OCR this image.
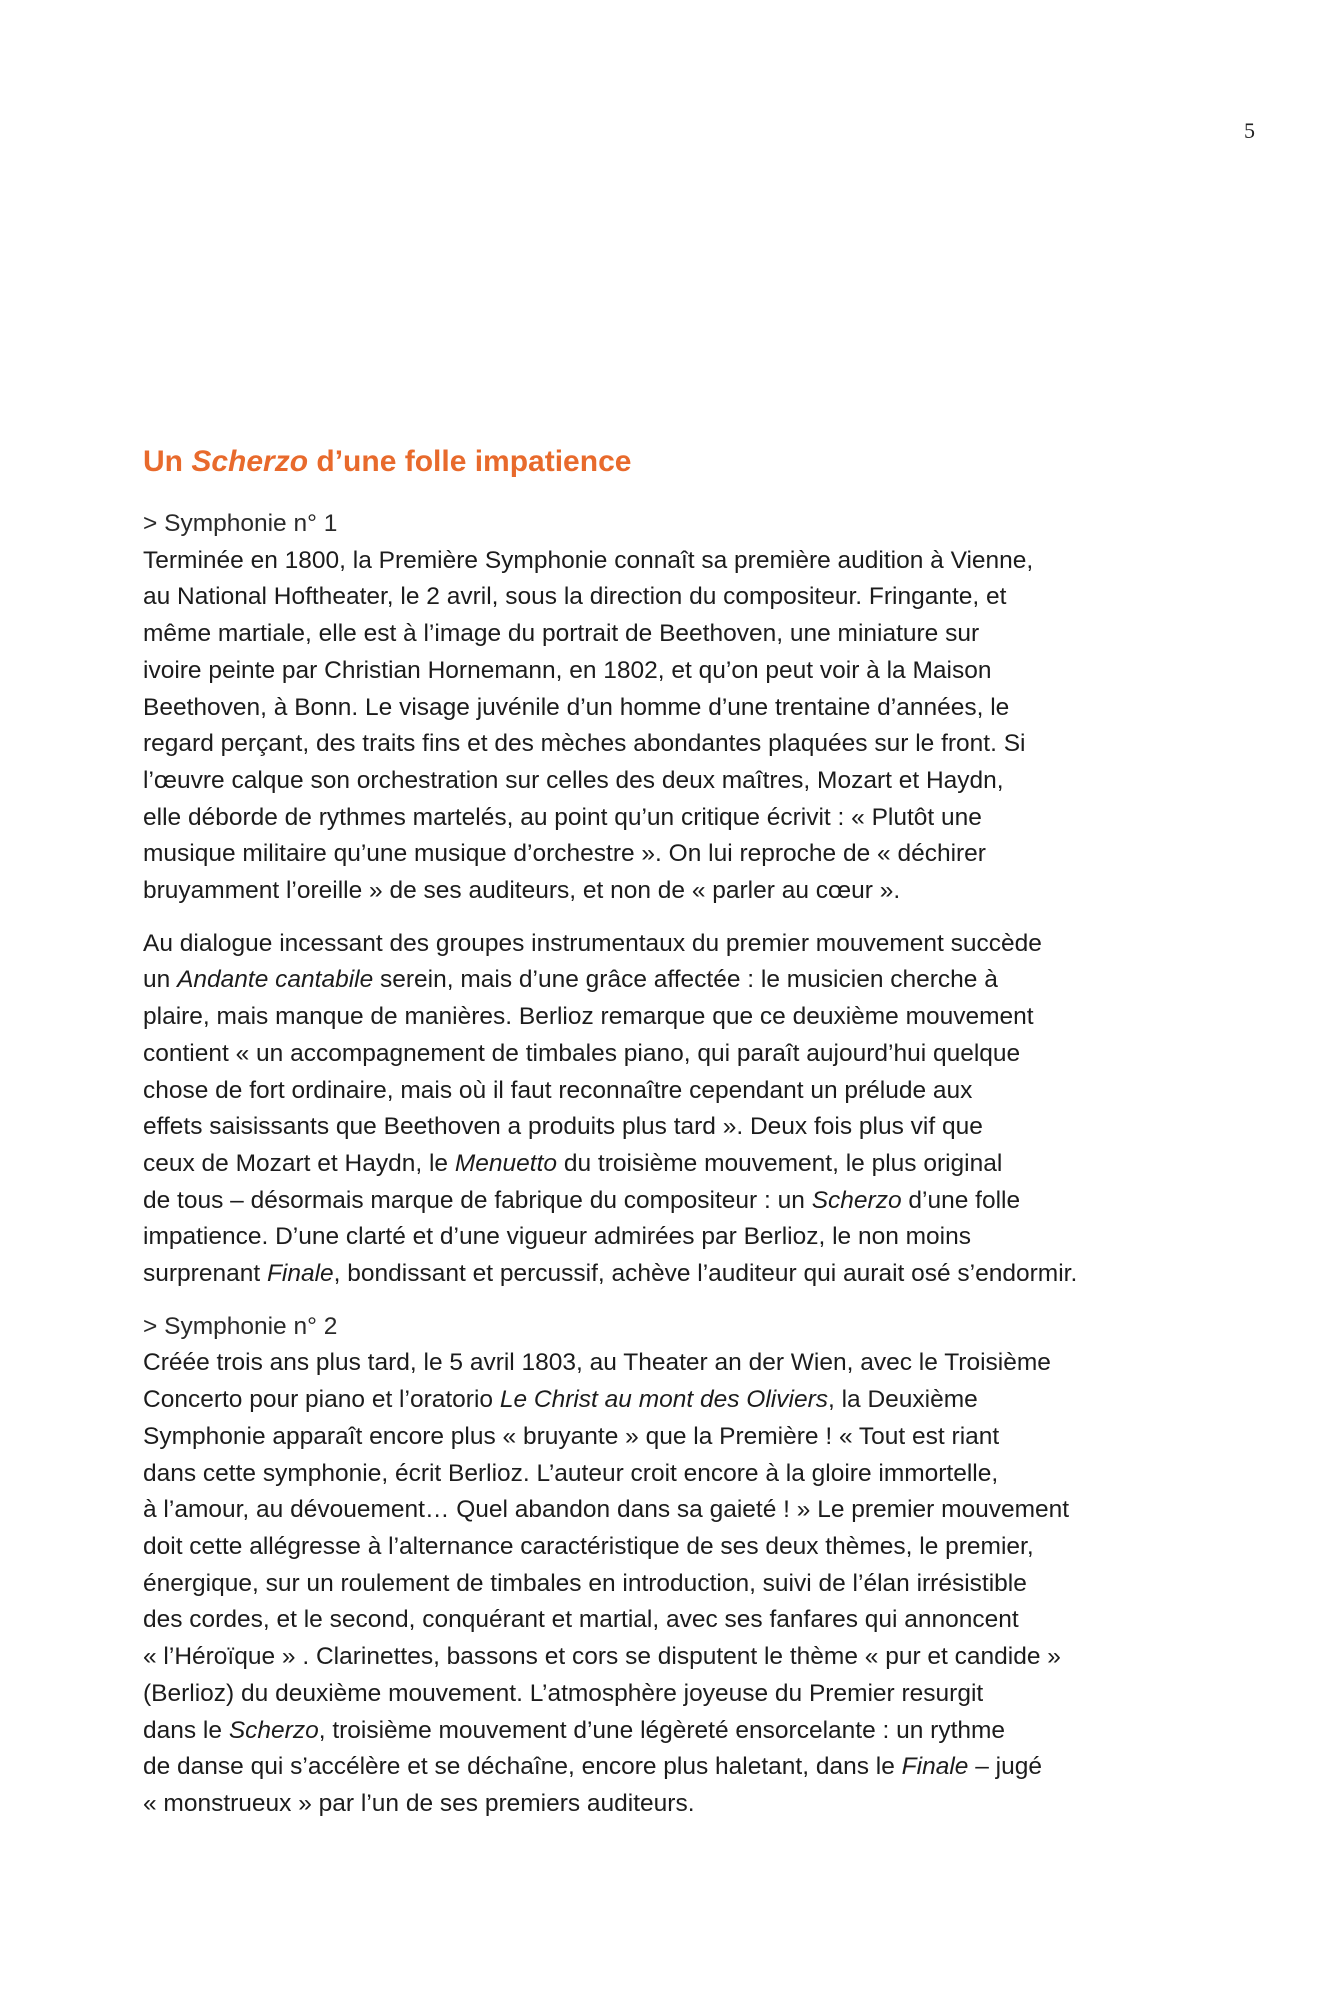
5
Un Scherzo d’une folle impatience
> Symphonie n° 1

Terminée en 1800, la Première Symphonie connaît sa première audition à Vienne,
au National Hoftheater, le 2 avril, sous la direction du compositeur. Fringante, et
même martiale, elle est à l’image du portrait de Beethoven, une miniature sur
ivoire peinte par Christian Hornemann, en 1802, et qu’on peut voir à la Maison
Beethoven, à Bonn. Le visage juvénile d’un homme d’une trentaine d’années, le
regard perçant, des traits fins et des mèches abondantes plaquées sur le front. Si
l’œuvre calque son orchestration sur celles des deux maîtres, Mozart et Haydn,
elle déborde de rythmes martelés, au point qu’un critique écrivit : « Plutôt une
musique militaire qu’une musique d’orchestre ». On lui reproche de « déchirer
bruyamment l’oreille » de ses auditeurs, et non de « parler au cœur ».

Au dialogue incessant des groupes instrumentaux du premier mouvement succède
un Andante cantabile serein, mais d’une grâce affectée : le musicien cherche à
plaire, mais manque de manières. Berlioz remarque que ce deuxième mouvement
contient « un accompagnement de timbales piano, qui paraît aujourd’hui quelque
chose de fort ordinaire, mais où il faut reconnaître cependant un prélude aux
effets saisissants que Beethoven a produits plus tard ». Deux fois plus vif que
ceux de Mozart et Haydn, le Menuetto du troisième mouvement, le plus original
de tous – désormais marque de fabrique du compositeur : un Scherzo d’une folle
impatience. D’une clarté et d’une vigueur admirées par Berlioz, le non moins
surprenant Finale, bondissant et percussif, achève l’auditeur qui aurait osé s’endormir.

> Symphonie n° 2

Créée trois ans plus tard, le 5 avril 1803, au Theater an der Wien, avec le Troisième
Concerto pour piano et l’oratorio Le Christ au mont des Oliviers, la Deuxième
Symphonie apparaît encore plus « bruyante » que la Première ! « Tout est riant
dans cette symphonie, écrit Berlioz. L’auteur croit encore à la gloire immortelle,
à l’amour, au dévouement… Quel abandon dans sa gaieté ! » Le premier mouvement
doit cette allégresse à l’alternance caractéristique de ses deux thèmes, le premier,
énergique, sur un roulement de timbales en introduction, suivi de l’élan irrésistible
des cordes, et le second, conquérant et martial, avec ses fanfares qui annoncent
« l’Héroïque » . Clarinettes, bassons et cors se disputent le thème « pur et candide »
(Berlioz) du deuxième mouvement. L’atmosphère joyeuse du Premier resurgit
dans le Scherzo, troisième mouvement d’une légèreté ensorcelante : un rythme
de danse qui s’accélère et se déchaîne, encore plus haletant, dans le Finale – jugé
« monstrueux » par l’un de ses premiers auditeurs.
